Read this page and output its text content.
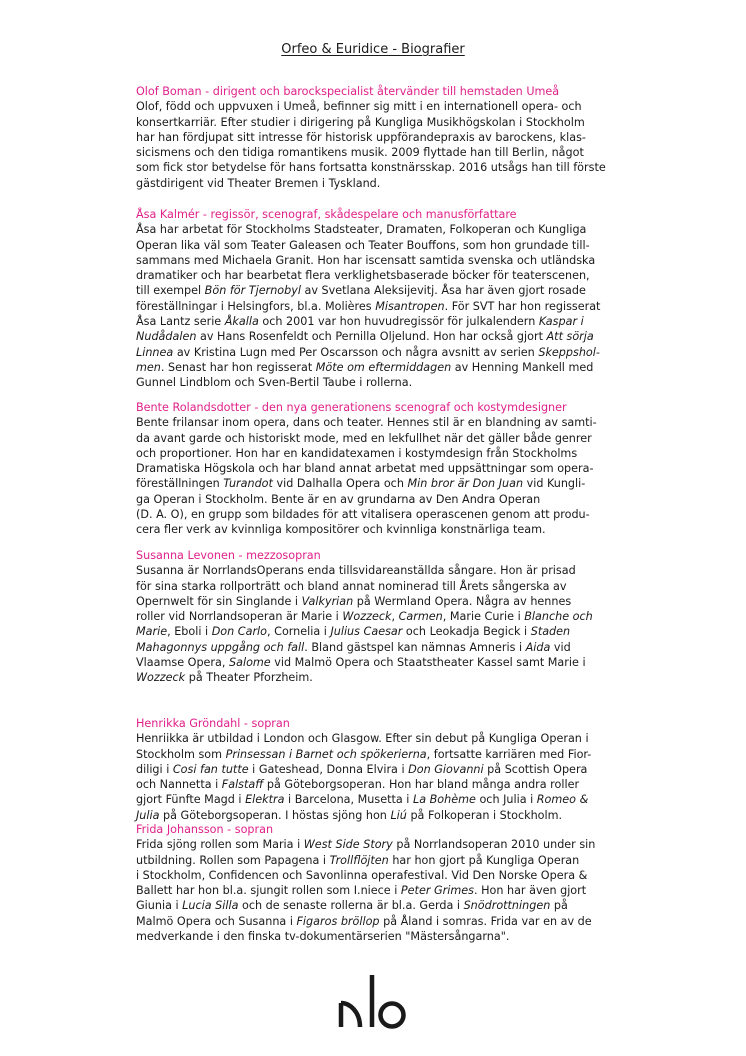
Orfeo & Euridice - Biografier
Olof Boman - dirigent och barockspecialist återvänder till hemstaden Umeå
Olof, född och uppvuxen i Umeå, befinner sig mitt i en internationell opera- och
konsertkarriär. Efter studier i dirigering på Kungliga Musikhögskolan i Stockholm
har han fördjupat sitt intresse för historisk uppförandepraxis av barockens, klas-
sicismens och den tidiga romantikens musik. 2009 flyttade han till Berlin, något
som fick stor betydelse för hans fortsatta konstnärsskap. 2016 utsågs han till förste
gästdirigent vid Theater Bremen i Tyskland.
Åsa Kalmér - regissör, scenograf, skådespelare och manusförfattare
Åsa har arbetat för Stockholms Stadsteater, Dramaten, Folkoperan och Kungliga
Operan lika väl som Teater Galeasen och Teater Bouffons, som hon grundade till-
sammans med Michaela Granit. Hon har iscensatt samtida svenska och utländska
dramatiker och har bearbetat flera verklighetsbaserade böcker för teaterscenen,
till exempel Bön för Tjernobyl av Svetlana Aleksijevitj. Åsa har även gjort rosade
föreställningar i Helsingfors, bl.a. Molières Misantropen. För SVT har hon regisserat
Åsa Lantz serie Åkalla och 2001 var hon huvudregissör för julkalendern Kaspar i
Nudådalen av Hans Rosenfeldt och Pernilla Oljelund. Hon har också gjort Att sörja
Linnea av Kristina Lugn med Per Oscarsson och några avsnitt av serien Skeppshol-
men. Senast har hon regisserat Möte om eftermiddagen av Henning Mankell med
Gunnel Lindblom och Sven-Bertil Taube i rollerna.
Bente Rolandsdotter - den nya generationens scenograf och kostymdesigner
Bente frilansar inom opera, dans och teater. Hennes stil är en blandning av samti-
da avant garde och historiskt mode, med en lekfullhet när det gäller både genrer
och proportioner. Hon har en kandidatexamen i kostymdesign från Stockholms
Dramatiska Högskola och har bland annat arbetat med uppsättningar som opera-
föreställningen Turandot vid Dalhalla Opera och Min bror är Don Juan vid Kungli-
ga Operan i Stockholm. Bente är en av grundarna av Den Andra Operan
(D. A. O), en grupp som bildades för att vitalisera operascenen genom att produ-
cera fler verk av kvinnliga kompositörer och kvinnliga konstnärliga team.
Susanna Levonen - mezzosopran
Susanna är NorrlandsOperans enda tillsvidareanställda sångare. Hon är prisad
för sina starka rollporträtt och bland annat nominerad till Årets sångerska av
Opernwelt för sin Singlande i Valkyrian på Wermland Opera. Några av hennes
roller vid Norrlandsoperan är Marie i Wozzeck, Carmen, Marie Curie i Blanche och
Marie, Eboli i Don Carlo, Cornelia i Julius Caesar och Leokadja Begick i Staden
Mahagonnys uppgång och fall. Bland gästspel kan nämnas Amneris i Aida vid
Vlaamse Opera, Salome vid Malmö Opera och Staatstheater Kassel samt Marie i
Wozzeck på Theater Pforzheim.
Henrikka Gröndahl - sopran
Henriikka är utbildad i London och Glasgow. Efter sin debut på Kungliga Operan i
Stockholm som Prinsessan i Barnet och spökerierna, fortsatte karriären med Fior-
diligi i Cosi fan tutte i Gateshead, Donna Elvira i Don Giovanni på Scottish Opera
och Nannetta i Falstaff på Göteborgsoperan. Hon har bland många andra roller
gjort Fünfte Magd i Elektra i Barcelona, Musetta i La Bohème och Julia i Romeo &
Julia på Göteborgsoperan. I höstas sjöng hon Liú på Folkoperan i Stockholm.
Frida Johansson - sopran
Frida sjöng rollen som Maria i West Side Story på Norrlandsoperan 2010 under sin
utbildning. Rollen som Papagena i Trollflöjten har hon gjort på Kungliga Operan
i Stockholm, Confidencen och Savonlinna operafestival. Vid Den Norske Opera &
Ballett har hon bl.a. sjungit rollen som I.niece i Peter Grimes. Hon har även gjort
Giunia i Lucia Silla och de senaste rollerna är bl.a. Gerda i Snödrottningen på
Malmö Opera och Susanna i Figaros bröllop på Åland i somras. Frida var en av de
medverkande i den finska tv-dokumentärserien "Mästersångarna".
